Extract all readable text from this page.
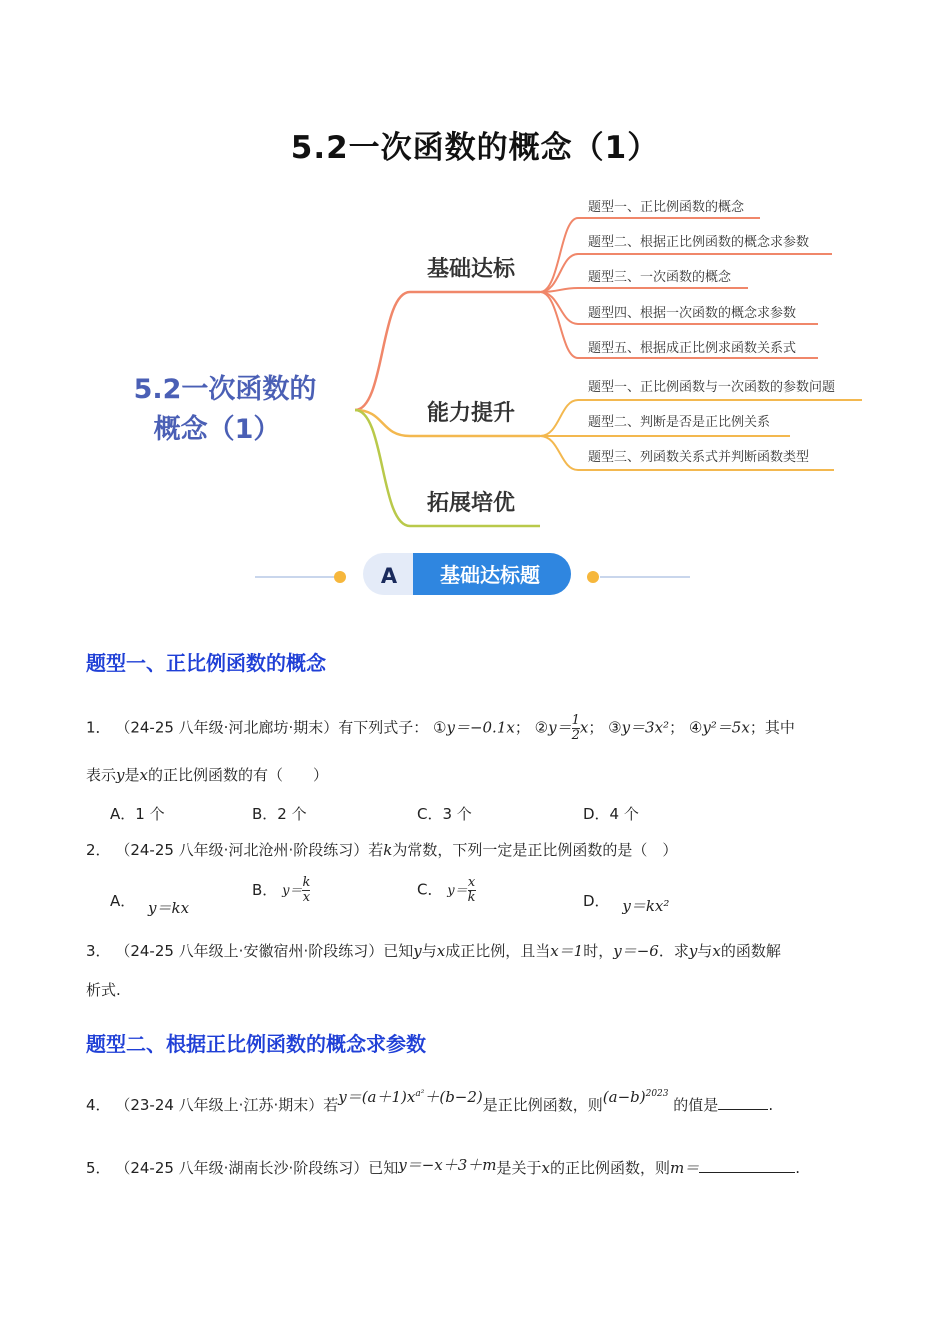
5.2一次函数的概念（1）
5.2一次函数的
概念（1）
基础达标
能力提升
拓展培优
题型一、正比例函数的概念
题型二、根据正比例函数的概念求参数
题型三、一次函数的概念
题型四、根据一次函数的概念求参数
题型五、根据成正比例求函数关系式
题型一、正比例函数与一次函数的参数问题
题型二、判断是否是正比例关系
题型三、列函数关系式并判断函数类型
A 基础达标题
题型一、正比例函数的概念
1． （24-25 八年级·河北廊坊·期末）有下列式子： ①y＝−0.1x； ②y＝ $\frac{1}{2}$ x； ③y＝3x²； ④y²＝5x；其中
表示y是x的正比例函数的有（　　）
A．1 个	B．2 个	C．3 个	D．4 个
2． （24-25 八年级·河北沧州·阶段练习）若k为常数，下列一定是正比例函数的是（　）
A． y＝kx
B． $y= \frac{k}{x}$	C． $y= \frac{x}{k}$	D． y＝kx²
3． （24-25 八年级上·安徽宿州·阶段练习）已知y与x成正比例，且当x＝1时，y＝−6．求y与x的函数解
析式.
题型二、根据正比例函数的概念求参数
4． （23-24 八年级上·江苏·期末）若$y=(a+1)x^{a^2}+(b-2)$是正比例函数，则$(a-b)^{2023}$ 的值是	.
5． （24-25 八年级·湖南长沙·阶段练习）已知y＝−x＋3＋m是关于x的正比例函数，则m＝	.
